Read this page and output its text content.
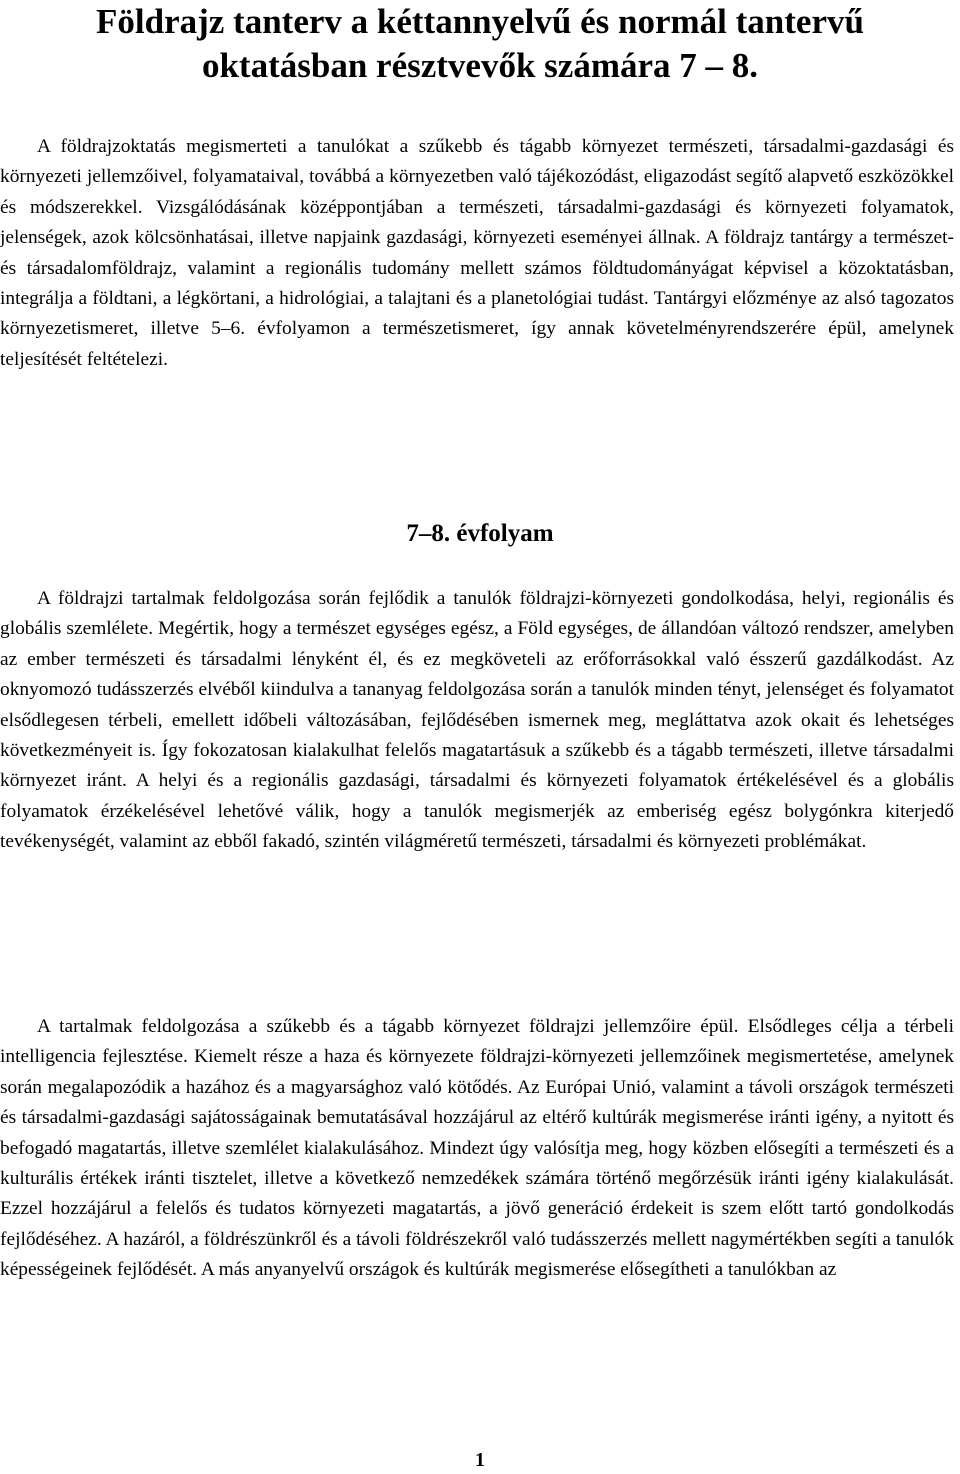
Földrajz tanterv a kéttannyelvű és normál tantervű
oktatásban résztvevők számára 7 – 8.

A földrajzoktatás megismerteti a tanulókat a szűkebb és tágabb környezet természeti, társadalmi-gazdasági és környezeti jellemzőivel, folyamataival, továbbá a környezetben való tájékozódást, eligazodást segítő alapvető eszközökkel és módszerekkel. Vizsgálódásának középpontjában a természeti, társadalmi-gazdasági és környezeti folyamatok, jelenségek, azok kölcsönhatásai, illetve napjaink gazdasági, környezeti eseményei állnak. A földrajz tantárgy a természet- és társadalomföldrajz, valamint a regionális tudomány mellett számos földtudományágat képvisel a közoktatásban, integrálja a földtani, a légkörtani, a hidrológiai, a talajtani és a planetológiai tudást. Tantárgyi előzménye az alsó tagozatos környezetismeret, illetve 5–6. évfolyamon a természetismeret, így annak követelményrendszerére épül, amelynek teljesítését feltételezi.

7–8. évfolyam

A földrajzi tartalmak feldolgozása során fejlődik a tanulók földrajzi-környezeti gondolkodása, helyi, regionális és globális szemlélete. Megértik, hogy a természet egységes egész, a Föld egységes, de állandóan változó rendszer, amelyben az ember természeti és társadalmi lényként él, és ez megköveteli az erőforrásokkal való ésszerű gazdálkodást. Az oknyomozó tudásszerzés elvéből kiindulva a tananyag feldolgozása során a tanulók minden tényt, jelenséget és folyamatot elsődlegesen térbeli, emellett időbeli változásában, fejlődésében ismernek meg, megláttatva azok okait és lehetséges következményeit is. Így fokozatosan kialakulhat felelős magatartásuk a szűkebb és a tágabb természeti, illetve társadalmi környezet iránt. A helyi és a regionális gazdasági, társadalmi és környezeti folyamatok értékelésével és a globális folyamatok érzékelésével lehetővé válik, hogy a tanulók megismerjék az emberiség egész bolygónkra kiterjedő tevékenységét, valamint az ebből fakadó, szintén világméretű természeti, társadalmi és környezeti problémákat.

A tartalmak feldolgozása a szűkebb és a tágabb környezet földrajzi jellemzőire épül. Elsődleges célja a térbeli intelligencia fejlesztése. Kiemelt része a haza és környezete földrajzi-környezeti jellemzőinek megismertetése, amelynek során megalapozódik a hazához és a magyarsághoz való kötődés. Az Európai Unió, valamint a távoli országok természeti és társadalmi-gazdasági sajátosságainak bemutatásával hozzájárul az eltérő kultúrák megismerése iránti igény, a nyitott és befogadó magatartás, illetve szemlélet kialakulásához. Mindezt úgy valósítja meg, hogy közben elősegíti a természeti és a kulturális értékek iránti tisztelet, illetve a következő nemzedékek számára történő megőrzésük iránti igény kialakulását. Ezzel hozzájárul a felelős és tudatos környezeti magatartás, a jövő generáció érdekeit is szem előtt tartó gondolkodás fejlődéséhez. A hazáról, a földrészünkről és a távoli földrészekről való tudásszerzés mellett nagymértékben segíti a tanulók képességeinek fejlődését. A más anyanyelvű országok és kultúrák megismerése elősegítheti a tanulókban az

1
